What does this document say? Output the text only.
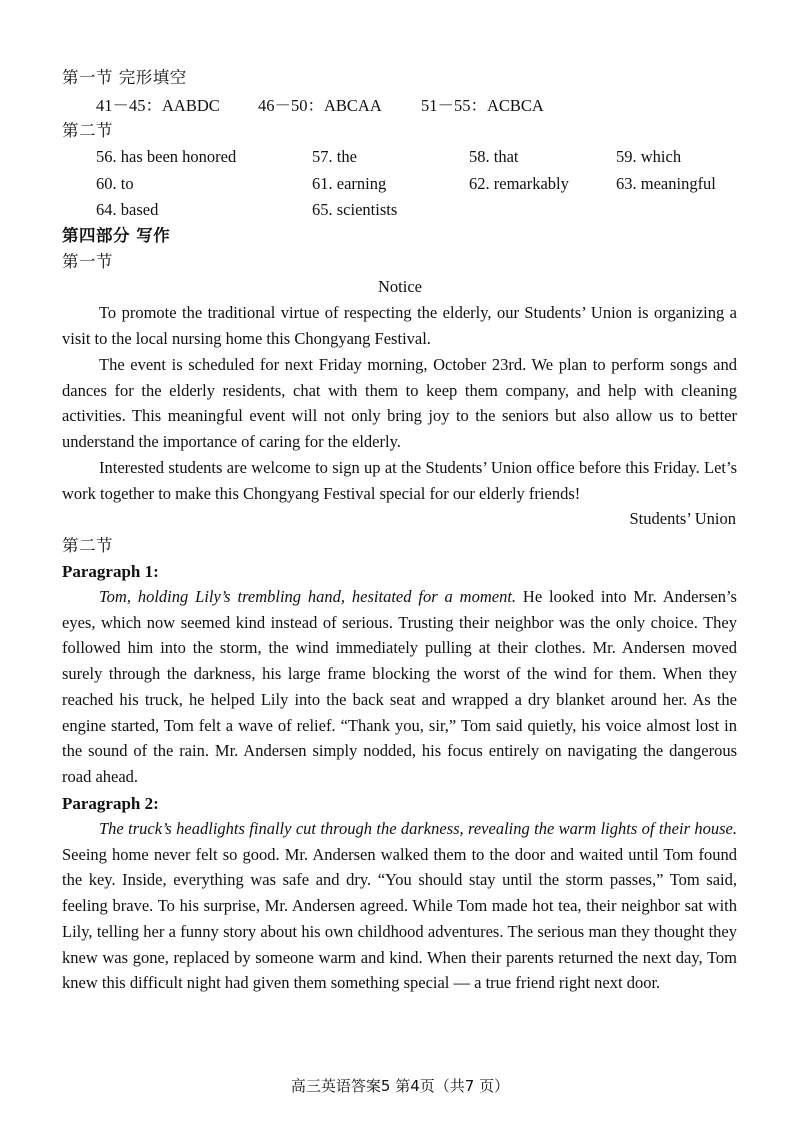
第一节 完形填空
41－45：AABDC 46－50：ABCAA 51－55：ACBCA
第二节
56. has been honored	57. the	58. that	59. which
60. to	61. earning	62. remarkably	63. meaningful
64. based	65. scientists
第四部分 写作
第一节
Notice

To promote the traditional virtue of respecting the elderly, our Students’ Union is organizing a visit to the local nursing home this Chongyang Festival.

The event is scheduled for next Friday morning, October 23rd. We plan to perform songs and dances for the elderly residents, chat with them to keep them company, and help with cleaning activities. This meaningful event will not only bring joy to the seniors but also allow us to better understand the importance of caring for the elderly.

Interested students are welcome to sign up at the Students’ Union office before this Friday. Let’s work together to make this Chongyang Festival special for our elderly friends!

Students’ Union
第二节
Paragraph 1:

Tom, holding Lily’s trembling hand, hesitated for a moment. He looked into Mr. Andersen’s eyes, which now seemed kind instead of serious. Trusting their neighbor was the only choice. They followed him into the storm, the wind immediately pulling at their clothes. Mr. Andersen moved surely through the darkness, his large frame blocking the worst of the wind for them. When they reached his truck, he helped Lily into the back seat and wrapped a dry blanket around her. As the engine started, Tom felt a wave of relief. “Thank you, sir,” Tom said quietly, his voice almost lost in the sound of the rain. Mr. Andersen simply nodded, his focus entirely on navigating the dangerous road ahead.

Paragraph 2:

The truck’s headlights finally cut through the darkness, revealing the warm lights of their house. Seeing home never felt so good. Mr. Andersen walked them to the door and waited until Tom found the key. Inside, everything was safe and dry. “You should stay until the storm passes,” Tom said, feeling brave. To his surprise, Mr. Andersen agreed. While Tom made hot tea, their neighbor sat with Lily, telling her a funny story about his own childhood adventures. The serious man they thought they knew was gone, replaced by someone warm and kind. When their parents returned the next day, Tom knew this difficult night had given them something special — a true friend right next door.

高三英语答案5 第4页（共7 页）
